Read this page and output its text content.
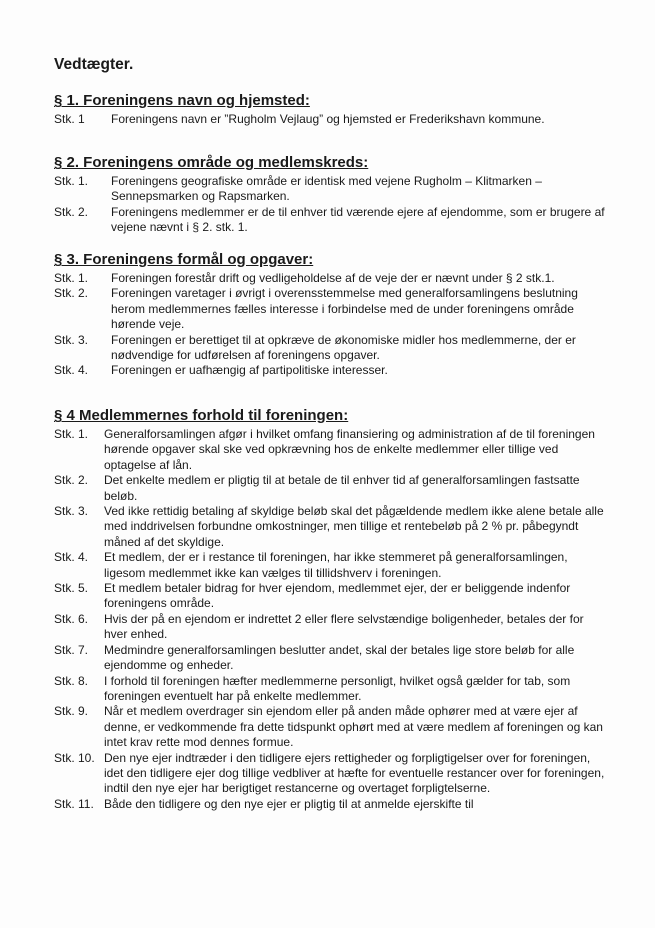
Vedtægter.
§ 1. Foreningens navn og hjemsted:
Stk. 1	Foreningens navn er ”Rugholm Vejlaug” og hjemsted er Frederikshavn kommune.
§ 2. Foreningens område og medlemskreds:
Stk. 1.	Foreningens geografiske område er identisk med vejene Rugholm – Klitmarken – Sennepsmarken og Rapsmarken.
Stk. 2.	Foreningens medlemmer er de til enhver tid værende ejere af ejendomme, som er brugere af vejene nævnt i § 2. stk. 1.
§ 3. Foreningens formål og opgaver:
Stk. 1.	Foreningen forestår drift og vedligeholdelse af de veje der er nævnt under § 2 stk.1.
Stk. 2.	Foreningen varetager i øvrigt i overensstemmelse med generalforsamlingens beslutning herom medlemmernes fælles interesse i forbindelse med de under foreningens område hørende veje.
Stk. 3.	Foreningen er berettiget til at opkræve de økonomiske midler hos medlemmerne, der er nødvendige for udførelsen af foreningens opgaver.
Stk. 4.	Foreningen er uafhængig af partipolitiske interesser.
§ 4 Medlemmernes forhold til foreningen:
Stk. 1.	Generalforsamlingen afgør i hvilket omfang finansiering og administration af de til foreningen hørende opgaver skal ske ved opkrævning hos de enkelte medlemmer eller tillige ved optagelse af lån.
Stk. 2.	Det enkelte medlem er pligtig til at betale de til enhver tid af generalforsamlingen fastsatte beløb.
Stk. 3.	Ved ikke rettidig betaling af skyldige beløb skal det pågældende medlem ikke alene betale alle med inddrivelsen forbundne omkostninger, men tillige et rentebeløb på 2 % pr. påbegyndt måned af det skyldige.
Stk. 4.	Et medlem, der er i restance til foreningen, har ikke stemmeret på generalforsamlingen, ligesom medlemmet ikke kan vælges til tillidshverv i foreningen.
Stk. 5.	Et medlem betaler bidrag for hver ejendom, medlemmet ejer, der er beliggende indenfor foreningens område.
Stk. 6.	Hvis der på en ejendom er indrettet 2 eller flere selvstændige boligenheder, betales der for hver enhed.
Stk. 7.	Medmindre generalforsamlingen beslutter andet, skal der betales lige store beløb for alle ejendomme og enheder.
Stk. 8.	I forhold til foreningen hæfter medlemmerne personligt, hvilket også gælder for tab, som foreningen eventuelt har på enkelte medlemmer.
Stk. 9.	Når et medlem overdrager sin ejendom eller på anden måde ophører med at være ejer af denne, er vedkommende fra dette tidspunkt ophørt med at være medlem af foreningen og kan intet krav rette mod dennes formue.
Stk. 10. Den nye ejer indtræder i den tidligere ejers rettigheder og forpligtigelser over for foreningen, idet den tidligere ejer dog tillige vedbliver at hæfte for eventuelle restancer over for foreningen, indtil den nye ejer har berigtiget restancerne og overtaget forpligtelserne.
Stk. 11. Både den tidligere og den nye ejer er pligtig til at anmelde ejerskifte til
